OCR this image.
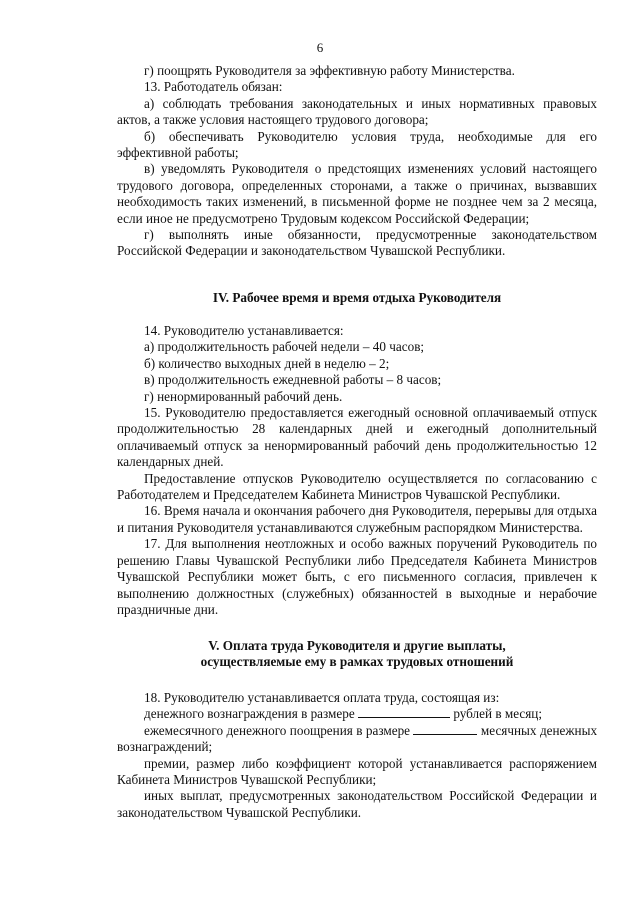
6

г) поощрять Руководителя за эффективную работу Министерства.

13. Работодатель обязан:

а) соблюдать требования законодательных и иных нормативных правовых актов, а также условия настоящего трудового договора;

б) обеспечивать Руководителю условия труда, необходимые для его эффективной работы;

в) уведомлять Руководителя о предстоящих изменениях условий настоящего трудового договора, определенных сторонами, а также о причинах, вызвавших необходимость таких изменений, в письменной форме не позднее чем за 2 месяца, если иное не предусмотрено Трудовым кодексом Российской Федерации;

г) выполнять иные обязанности, предусмотренные законодательством Российской Федерации и законодательством Чувашской Республики.

IV. Рабочее время и время отдыха Руководителя

14. Руководителю устанавливается:

а) продолжительность рабочей недели – 40 часов;

б) количество выходных дней в неделю – 2;

в) продолжительность ежедневной работы – 8 часов;

г) ненормированный рабочий день.

15. Руководителю предоставляется ежегодный основной оплачиваемый отпуск продолжительностью 28 календарных дней и ежегодный дополнительный оплачиваемый отпуск за ненормированный рабочий день продолжительностью 12 календарных дней.

Предоставление отпусков Руководителю осуществляется по согласованию с Работодателем и Председателем Кабинета Министров Чувашской Республики.

16. Время начала и окончания рабочего дня Руководителя, перерывы для отдыха и питания Руководителя устанавливаются служебным распорядком Министерства.

17. Для выполнения неотложных и особо важных поручений Руководитель по решению Главы Чувашской Республики либо Председателя Кабинета Министров Чувашской Республики может быть, с его письменного согласия, привлечен к выполнению должностных (служебных) обязанностей в выходные и нерабочие праздничные дни.

V. Оплата труда Руководителя и другие выплаты,

осуществляемые ему в рамках трудовых отношений

18. Руководителю устанавливается оплата труда, состоящая из:

денежного вознаграждения в размере	рублей в месяц;

ежемесячного денежного поощрения в размере	месячных денежных вознаграждений;

премии, размер либо коэффициент которой устанавливается распоряжением Кабинета Министров Чувашской Республики;

иных выплат, предусмотренных законодательством Российской Федерации и законодательством Чувашской Республики.
